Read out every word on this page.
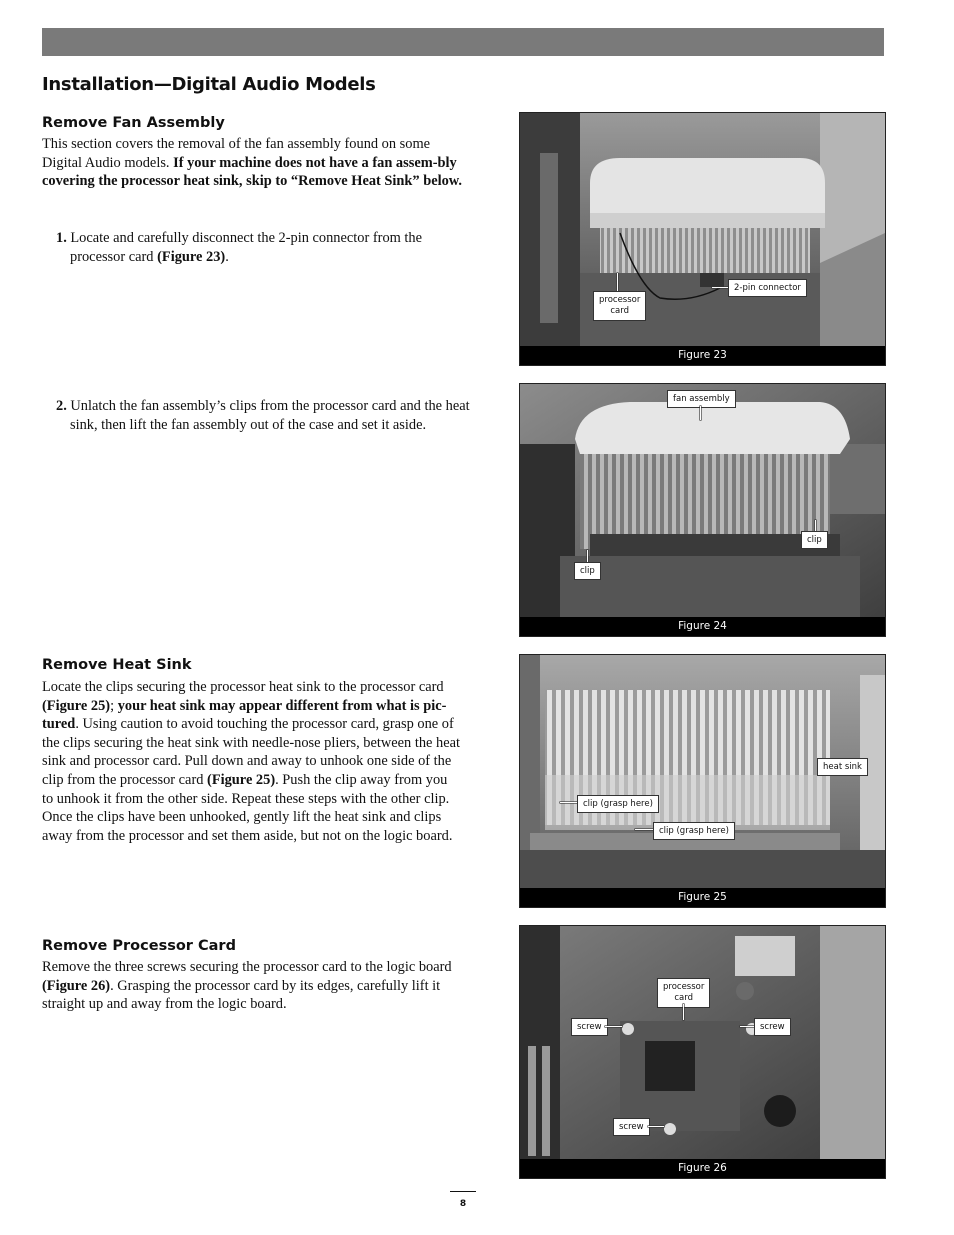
Installation—Digital Audio Models
Remove Fan Assembly
This section covers the removal of the fan assembly found on some Digital Audio models. If your machine does not have a fan assem-bly covering the processor heat sink, skip to “Remove Heat Sink” below.
1. Locate and carefully disconnect the 2-pin connector from the processor card (Figure 23).
2. Unlatch the fan assembly’s clips from the processor card and the heat sink, then lift the fan assembly out of the case and set it aside.
Remove Heat Sink
Locate the clips securing the processor heat sink to the processor card (Figure 25); your heat sink may appear different from what is pic-tured. Using caution to avoid touching the processor card, grasp one of the clips securing the heat sink with needle-nose pliers, between the heat sink and processor card. Pull down and away to unhook one side of the clip from the processor card (Figure 25). Push the clip away from you to unhook it from the other side. Repeat these steps with the other clip. Once the clips have been unhooked, gently lift the heat sink and clips away from the processor and set them aside, but not on the logic board.
Remove Processor Card
Remove the three screws securing the processor card to the logic board (Figure 26). Grasping the processor card by its edges, carefully lift it straight up and away from the logic board.
2-pin connector
processor
card
Figure 23
fan assembly
clip
clip
Figure 24
heat sink
clip (grasp here)
clip (grasp here)
Figure 25
processor
card
screw	screw
screw
Figure 26
8
